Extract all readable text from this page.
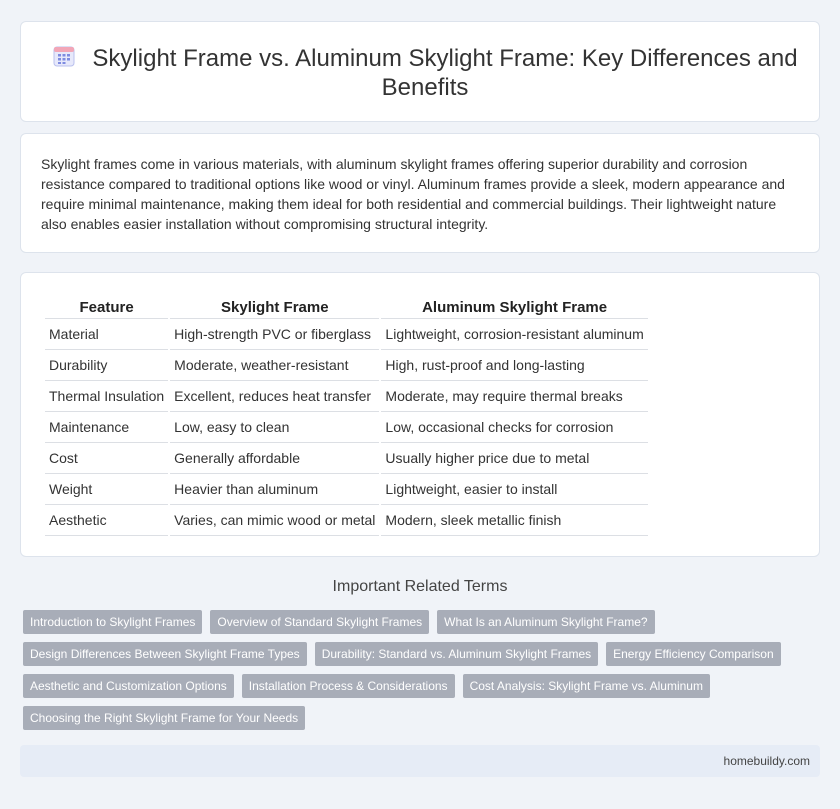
Skylight Frame vs. Aluminum Skylight Frame: Key Differences and Benefits

Skylight frames come in various materials, with aluminum skylight frames offering superior durability and corrosion resistance compared to traditional options like wood or vinyl. Aluminum frames provide a sleek, modern appearance and require minimal maintenance, making them ideal for both residential and commercial buildings. Their lightweight nature also enables easier installation without compromising structural integrity.

Feature	Skylight Frame	Aluminum Skylight Frame
Material	High-strength PVC or fiberglass	Lightweight, corrosion-resistant aluminum
Durability	Moderate, weather-resistant	High, rust-proof and long-lasting
Thermal Insulation	Excellent, reduces heat transfer	Moderate, may require thermal breaks
Maintenance	Low, easy to clean	Low, occasional checks for corrosion
Cost	Generally affordable	Usually higher price due to metal
Weight	Heavier than aluminum	Lightweight, easier to install
Aesthetic	Varies, can mimic wood or metal	Modern, sleek metallic finish
Important Related Terms
Introduction to Skylight Frames	Overview of Standard Skylight Frames	What Is an Aluminum Skylight Frame?
Design Differences Between Skylight Frame Types	Durability: Standard vs. Aluminum Skylight Frames	Energy Efficiency Comparison
Aesthetic and Customization Options	Installation Process & Considerations	Cost Analysis: Skylight Frame vs. Aluminum
Choosing the Right Skylight Frame for Your Needs
homebuildy.com
